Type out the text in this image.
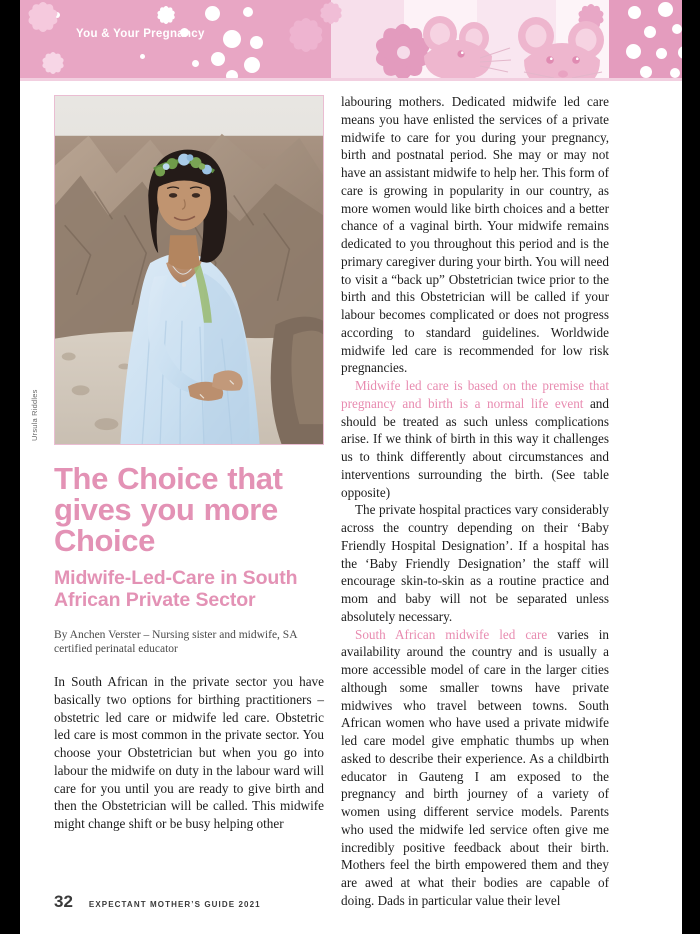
You & Your Pregnancy
Ursula Riddles
The Choice that gives you more Choice
Midwife-Led-Care in South African Private Sector
By Anchen Verster – Nursing sister and midwife, SA certified perinatal educator

In South African in the private sector you have basically two options for birthing practitioners – obstetric led care or midwife led care. Obstetric led care is most common in the private sector. You choose your Obstetrician but when you go into labour the midwife on duty in the labour ward will care for you until you are ready to give birth and then the Obstetrician will be called. This midwife might change shift or be busy helping other

labouring mothers. Dedicated midwife led care means you have enlisted the services of a private midwife to care for you during your pregnancy, birth and postnatal period. She may or may not have an assistant midwife to help her. This form of care is growing in popularity in our country, as more women would like birth choices and a better chance of a vaginal birth. Your midwife remains dedicated to you throughout this period and is the primary caregiver during your birth. You will need to visit a “back up” Obstetrician twice prior to the birth and this Obstetrician will be called if your labour becomes complicated or does not progress according to standard guidelines. Worldwide midwife led care is recommended for low risk pregnancies.

Midwife led care is based on the premise that pregnancy and birth is a normal life event and should be treated as such unless complications arise. If we think of birth in this way it challenges us to think differently about circumstances and interventions surrounding the birth. (See table opposite)

The private hospital practices vary considerably across the country depending on their ‘Baby Friendly Hospital Designation’. If a hospital has the ‘Baby Friendly Designation’ the staff will encourage skin-to-skin as a routine practice and mom and baby will not be separated unless absolutely necessary.

South African midwife led care varies in availability around the country and is usually a more accessible model of care in the larger cities although some smaller towns have private midwives who travel between towns. South African women who have used a private midwife led care model give emphatic thumbs up when asked to describe their experience. As a childbirth educator in Gauteng I am exposed to the pregnancy and birth journey of a variety of women using different service models. Parents who used the midwife led service often give me incredibly positive feedback about their birth. Mothers feel the birth empowered them and they are awed at what their bodies are capable of doing. Dads in particular value their level

32 EXPECTANT MOTHER’S GUIDE 2021
